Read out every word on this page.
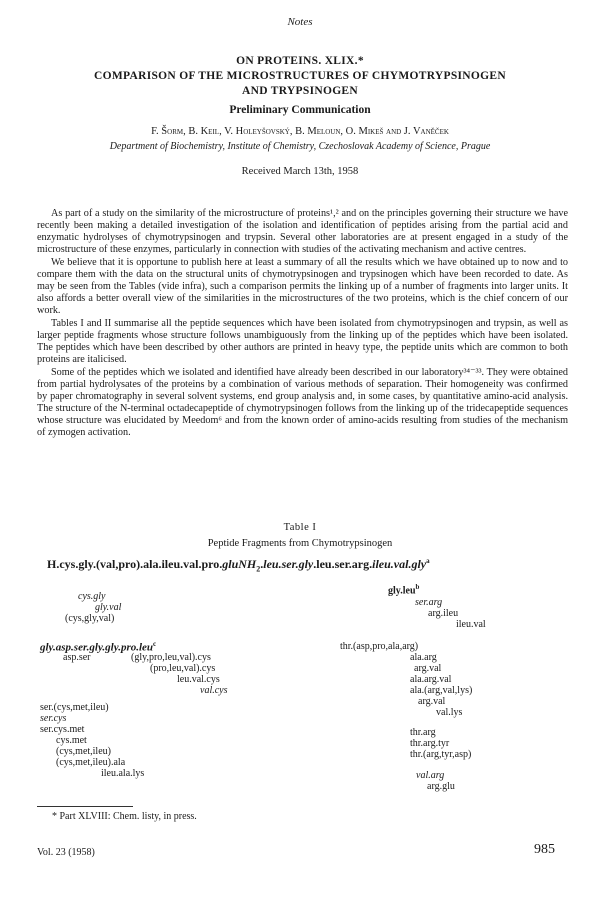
Notes
ON PROTEINS. XLIX.*
COMPARISON OF THE MICROSTRUCTURES OF CHYMOTRYPSINOGEN
AND TRYPSINOGEN
Preliminary Communication
F. Šorm, B. Keil, V. Holeyšovský, B. Meloun, O. Mikeš and J. Vaněček
Department of Biochemistry, Institute of Chemistry, Czechoslovak Academy of Science, Prague
Received March 13th, 1958

As part of a study on the similarity of the microstructure of proteins¹,² and on the principles governing their structure we have recently been making a detailed investigation of the isolation and identification of peptides arising from the partial acid and enzymatic hydrolyses of chymotrypsinogen and trypsin. Several other laboratories are at present engaged in a study of the microstructure of these enzymes, particularly in connection with studies of the activating mechanism and active centres.

We believe that it is opportune to publish here at least a summary of all the results which we have obtained up to now and to compare them with the data on the structural units of chymotrypsinogen and trypsinogen which have been recorded to date. As may be seen from the Tables (vide infra), such a comparison permits the linking up of a number of fragments into larger units. It also affords a better overall view of the similarities in the microstructures of the two proteins, which is the chief concern of our work.

Tables I and II summarise all the peptide sequences which have been isolated from chymotrypsinogen and trypsin, as well as larger peptide fragments whose structure follows unambiguously from the linking up of the peptides which have been isolated. The peptides which have been described by other authors are printed in heavy type, the peptide units which are common to both proteins are italicised.

Some of the peptides which we isolated and identified have already been described in our laboratory³⁴⁻³³. They were obtained from partial hydrolysates of the proteins by a combination of various methods of separation. Their homogeneity was confirmed by paper chromatography in several solvent systems, end group analysis and, in some cases, by quantitative amino-acid analysis. The structure of the N-terminal octadecapeptide of chymotrypsinogen follows from the linking up of the tridecapeptide sequences whose structure was elucidated by Meedom⁶ and from the known order of amino-acids resulting from studies of the mechanism of zymogen activation.

Table I
Peptide Fragments from Chymotrypsinogen
H.cys.gly.(val,pro).ala.ileu.val.pro.gluNH$_2$.leu.ser.gly.leu.ser.arg.ileu.val.gly$^a$
gly.leu$^b$
cys.gly
gly.val
(cys,gly,val)
gly.asp.ser.gly.gly.pro.leu$^c$
asp.ser	(gly,pro,leu,val).cys
(pro,leu,val).cys
leu.val.cys
val.cys
ser.(cys,met,ileu)
ser.cys
ser.cys.met
cys.met
(cys,met,ileu)
(cys,met,ileu).ala
ileu.ala.lys
ser.arg
arg.ileu
ileu.val
thr.(asp,pro,ala,arg)
ala.arg
arg.val
ala.arg.val
ala.(arg,val,lys)
arg.val
val.lys
thr.arg
thr.arg.tyr
thr.(arg,tyr,asp)
val.arg
arg.glu
* Part XLVIII: Chem. listy, in press.
Vol. 23 (1958)	985
